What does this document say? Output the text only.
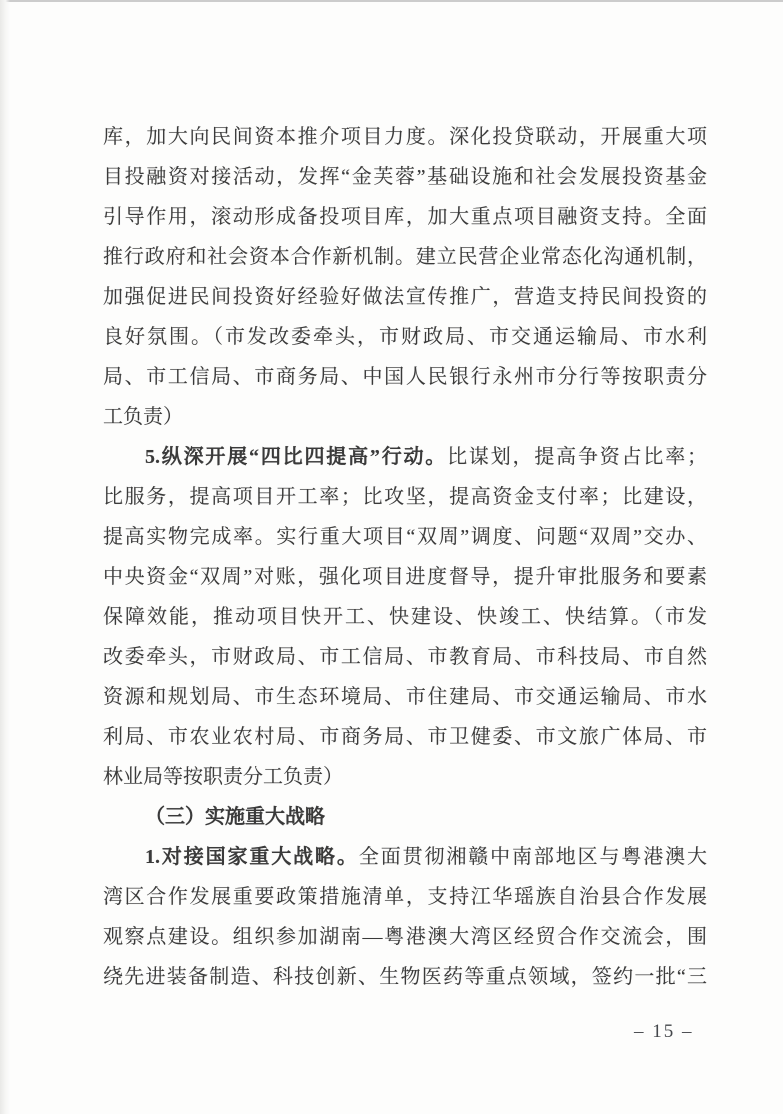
库，加大向民间资本推介项目力度。深化投贷联动，开展重大项

目投融资对接活动，发挥“金芙蓉”基础设施和社会发展投资基金

引导作用，滚动形成备投项目库，加大重点项目融资支持。全面

推行政府和社会资本合作新机制。建立民营企业常态化沟通机制，

加强促进民间投资好经验好做法宣传推广，营造支持民间投资的

良好氛围。（市发改委牵头，市财政局、市交通运输局、市水利

局、市工信局、市商务局、中国人民银行永州市分行等按职责分

工负责）

5.纵深开展“四比四提高”行动。比谋划，提高争资占比率；

比服务，提高项目开工率；比攻坚，提高资金支付率；比建设，

提高实物完成率。实行重大项目“双周”调度、问题“双周”交办、

中央资金“双周”对账，强化项目进度督导，提升审批服务和要素

保障效能，推动项目快开工、快建设、快竣工、快结算。（市发

改委牵头，市财政局、市工信局、市教育局、市科技局、市自然

资源和规划局、市生态环境局、市住建局、市交通运输局、市水

利局、市农业农村局、市商务局、市卫健委、市文旅广体局、市

林业局等按职责分工负责）

（三）实施重大战略

1.对接国家重大战略。全面贯彻湘赣中南部地区与粤港澳大

湾区合作发展重要政策措施清单，支持江华瑶族自治县合作发展

观察点建设。组织参加湖南—粤港澳大湾区经贸合作交流会，围

绕先进装备制造、科技创新、生物医药等重点领域，签约一批“三

– 15 –
